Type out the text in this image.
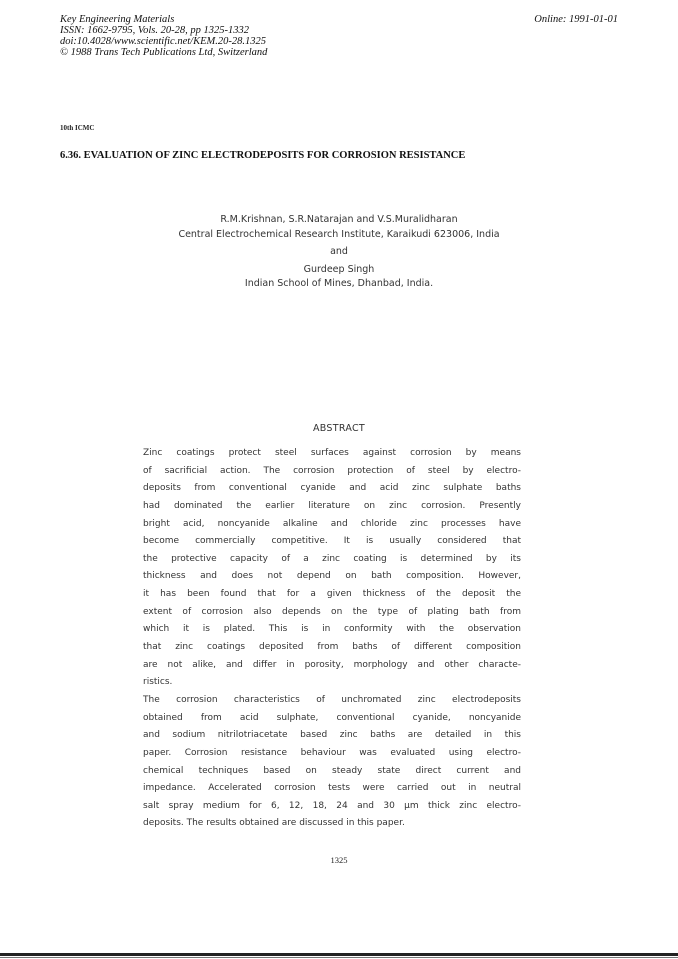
Key Engineering Materials
ISSN: 1662-9795, Vols. 20-28, pp 1325-1332
doi:10.4028/www.scientific.net/KEM.20-28.1325
© 1988 Trans Tech Publications Ltd, Switzerland
Online: 1991-01-01
10th ICMC
6.36. EVALUATION OF ZINC ELECTRODEPOSITS FOR CORROSION RESISTANCE
R.M.Krishnan, S.R.Natarajan and V.S.Muralidharan
Central Electrochemical Research Institute, Karaikudi 623006, India
and
Gurdeep Singh
Indian School of Mines, Dhanbad, India.
ABSTRACT
Zinc coatings protect steel surfaces against corrosion by means
of sacrificial action. The corrosion protection of steel by electro-
deposits from conventional cyanide and acid zinc sulphate baths
had dominated the earlier literature on zinc corrosion. Presently
bright acid, noncyanide alkaline and chloride zinc processes have
become commercially competitive. It is usually considered that
the protective capacity of a zinc coating is determined by its
thickness and does not depend on bath composition. However,
it has been found that for a given thickness of the deposit the
extent of corrosion also depends on the type of plating bath from
which it is plated. This is in conformity with the observation
that zinc coatings deposited from baths of different composition
are not alike, and differ in porosity, morphology and other characte-
ristics.
The corrosion characteristics of unchromated zinc electrodeposits
obtained from acid sulphate, conventional cyanide, noncyanide
and sodium nitrilotriacetate based zinc baths are detailed in this
paper. Corrosion resistance behaviour was evaluated using electro-
chemical techniques based on steady state direct current and
impedance. Accelerated corrosion tests were carried out in neutral
salt spray medium for 6, 12, 18, 24 and 30 µm thick zinc electro-
deposits. The results obtained are discussed in this paper.
1325
